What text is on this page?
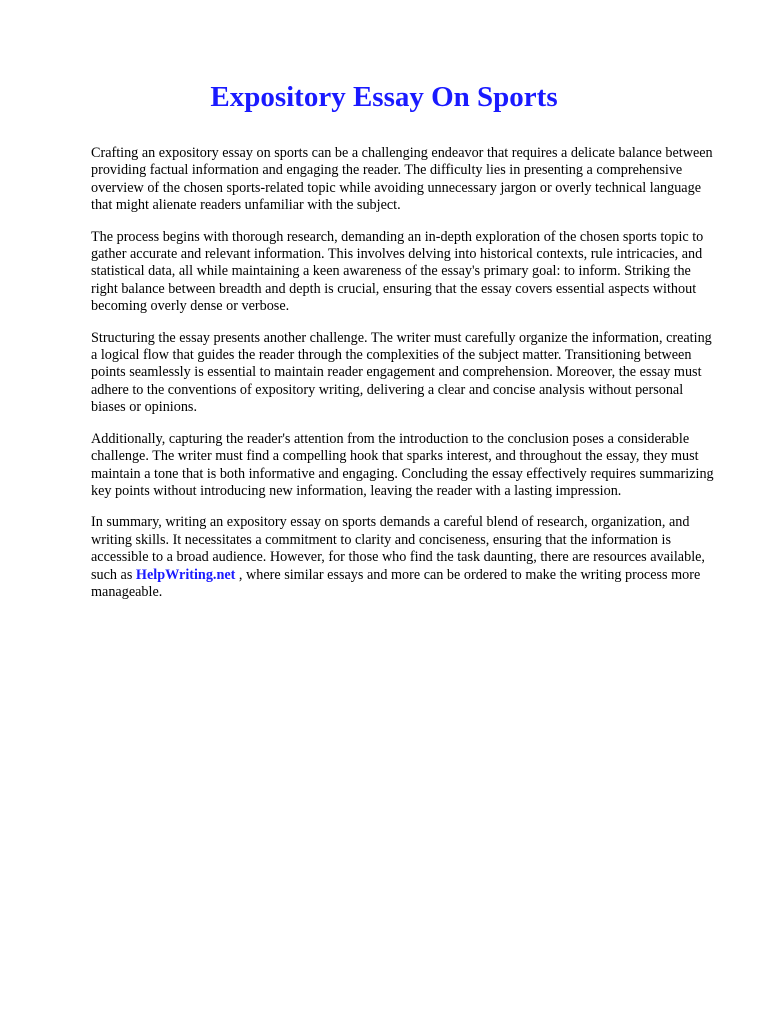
Expository Essay On Sports

Crafting an expository essay on sports can be a challenging endeavor that requires a delicate balance between providing factual information and engaging the reader. The difficulty lies in presenting a comprehensive overview of the chosen sports-related topic while avoiding unnecessary jargon or overly technical language that might alienate readers unfamiliar with the subject.

The process begins with thorough research, demanding an in-depth exploration of the chosen sports topic to gather accurate and relevant information. This involves delving into historical contexts, rule intricacies, and statistical data, all while maintaining a keen awareness of the essay's primary goal: to inform. Striking the right balance between breadth and depth is crucial, ensuring that the essay covers essential aspects without becoming overly dense or verbose.

Structuring the essay presents another challenge. The writer must carefully organize the information, creating a logical flow that guides the reader through the complexities of the subject matter. Transitioning between points seamlessly is essential to maintain reader engagement and comprehension. Moreover, the essay must adhere to the conventions of expository writing, delivering a clear and concise analysis without personal biases or opinions.

Additionally, capturing the reader's attention from the introduction to the conclusion poses a considerable challenge. The writer must find a compelling hook that sparks interest, and throughout the essay, they must maintain a tone that is both informative and engaging. Concluding the essay effectively requires summarizing key points without introducing new information, leaving the reader with a lasting impression.

In summary, writing an expository essay on sports demands a careful blend of research, organization, and writing skills. It necessitates a commitment to clarity and conciseness, ensuring that the information is accessible to a broad audience. However, for those who find the task daunting, there are resources available, such as HelpWriting.net , where similar essays and more can be ordered to make the writing process more manageable.
